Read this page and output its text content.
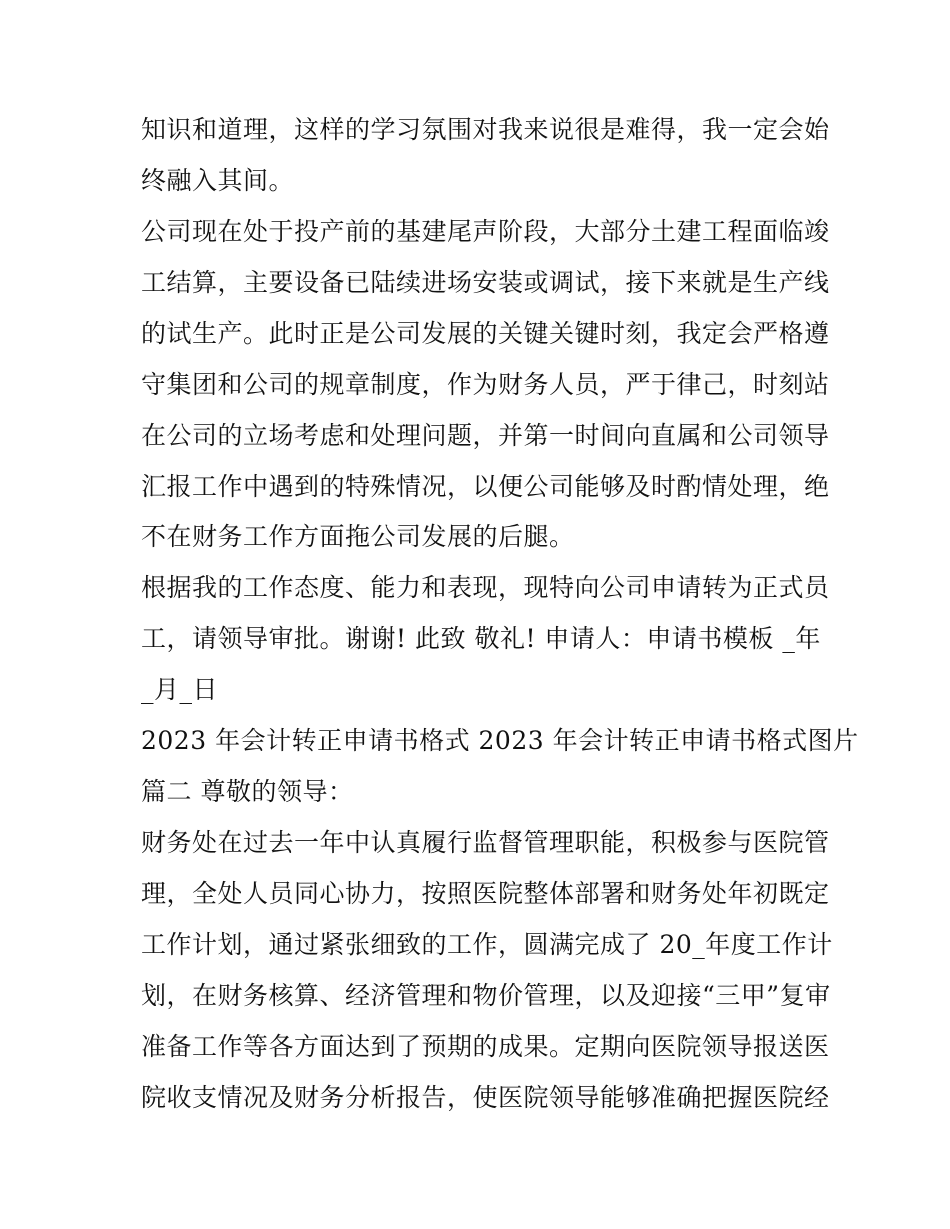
知识和道理，这样的学习氛围对我来说很是难得，我一定会始
终融入其间。
公司现在处于投产前的基建尾声阶段，大部分土建工程面临竣
工结算，主要设备已陆续进场安装或调试，接下来就是生产线
的试生产。此时正是公司发展的关键关键时刻，我定会严格遵
守集团和公司的规章制度，作为财务人员，严于律己，时刻站
在公司的立场考虑和处理问题，并第一时间向直属和公司领导
汇报工作中遇到的特殊情况，以便公司能够及时酌情处理，绝
不在财务工作方面拖公司发展的后腿。
根据我的工作态度、能力和表现，现特向公司申请转为正式员
工，请领导审批。谢谢! 此致 敬礼! 申请人：申请书模板 _年
_月_日
2023 年会计转正申请书格式 2023 年会计转正申请书格式图片
篇二 尊敬的领导：
财务处在过去一年中认真履行监督管理职能，积极参与医院管
理，全处人员同心协力，按照医院整体部署和财务处年初既定
工作计划，通过紧张细致的工作，圆满完成了 20_年度工作计
划，在财务核算、经济管理和物价管理，以及迎接“三甲”复审
准备工作等各方面达到了预期的成果。定期向医院领导报送医
院收支情况及财务分析报告，使医院领导能够准确把握医院经
